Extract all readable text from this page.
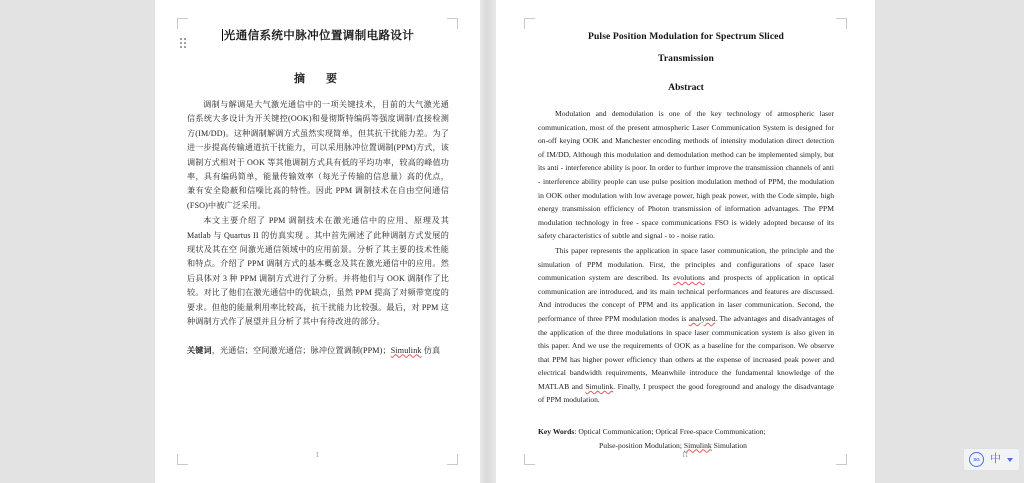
光通信系统中脉冲位置调制电路设计
摘　要

调制与解调是大气激光通信中的一项关键技术，目前的大气激光通信系统大多设计为开关键控(OOK)和曼彻斯特编码等强度调制/直接检测方(IM/DD)。这种调制解调方式虽然实现简单，但其抗干扰能力差。为了进一步提高传输通道抗干扰能力，可以采用脉冲位置调制(PPM)方式，该调制方式相对于 OOK 等其他调制方式具有低的平均功率，较高的峰值功率，具有编码简单，能量传输效率（每光子传输的信息量）高的优点，兼有安全隐蔽和信噪比高的特性。因此 PPM 调制技术在自由空间通信(FSO)中被广泛采用。

本文主要介绍了 PPM 调制技术在激光通信中的应用、原理及其 Matlab 与 Quartus II 的仿真实现 。其中首先阐述了此种调制方式发展的现状及其在空 间激光通信领域中的应用前景。分析了其主要的技术性能和特点。介绍了 PPM 调制方式的基本概念及其在激光通信中的应用。然后具体对 3 种 PPM 调制方式进行了分析。并将他们与 OOK 调制作了比较。对比了他们在激光通信中的优缺点，虽然 PPM 提高了对频带宽度的要求。但他的能量利用率比较高，抗干扰能力比较强。最后，对 PPM 这种调制方式作了展望并且分析了其中有待改进的部分。

关键词，光通信；空间激光通信；脉冲位置调制(PPM)；Simulink 仿真

I
Pulse Position Modulation for Spectrum Sliced
Transmission
Abstract

Modulation and demodulation is one of the key technology of atmospheric laser communication, most of the present atmospheric Laser Communication System is designed for on-off keying OOK and Manchester encoding methods of intensity modulation direct detection of IM/DD, Although this modulation and demodulation method can be implemented simply, but its anti - interference ability is poor. In order to further improve the transmission channels of anti - interference ability people can use pulse position modulation method of PPM, the modulation in OOK other modulation with low average power, high peak power, with the Code simple, high energy transmission efficiency of Photon transmission of information advantages. The PPM modulation technology in free - space communications FSO is widely adopted because of its safety characteristics of subtle and signal - to - noise ratio.

This paper represents the application in space laser communication, the principle and the simulation of PPM modulation. First, the principles and configurations of space laser communication system are described. Its evolutions and prospects of application in optical communication are introduced, and its main technical performances and features are discussed. And introduces the concept of PPM and its application in laser communication. Second, the performance of three PPM modulation modes is analysed. The advantages and disadvantages of the application of the three modulations in space laser communication system is also given in this paper. And we use the requirements of OOK as a baseline for the comparison. We observe that PPM has higher power efficiency than others at the expense of increased peak power and electrical bandwidth requirements, Meanwhile introduce the fundamental knowledge of the MATLAB and Simulink. Finally, I prospect the good foreground and analogy the disadvantage of PPM modulation.

Key Words: Optical Communication; Optical Free-space Communication;
Pulse-position Modulation; Simulink Simulation

II
SG 中
